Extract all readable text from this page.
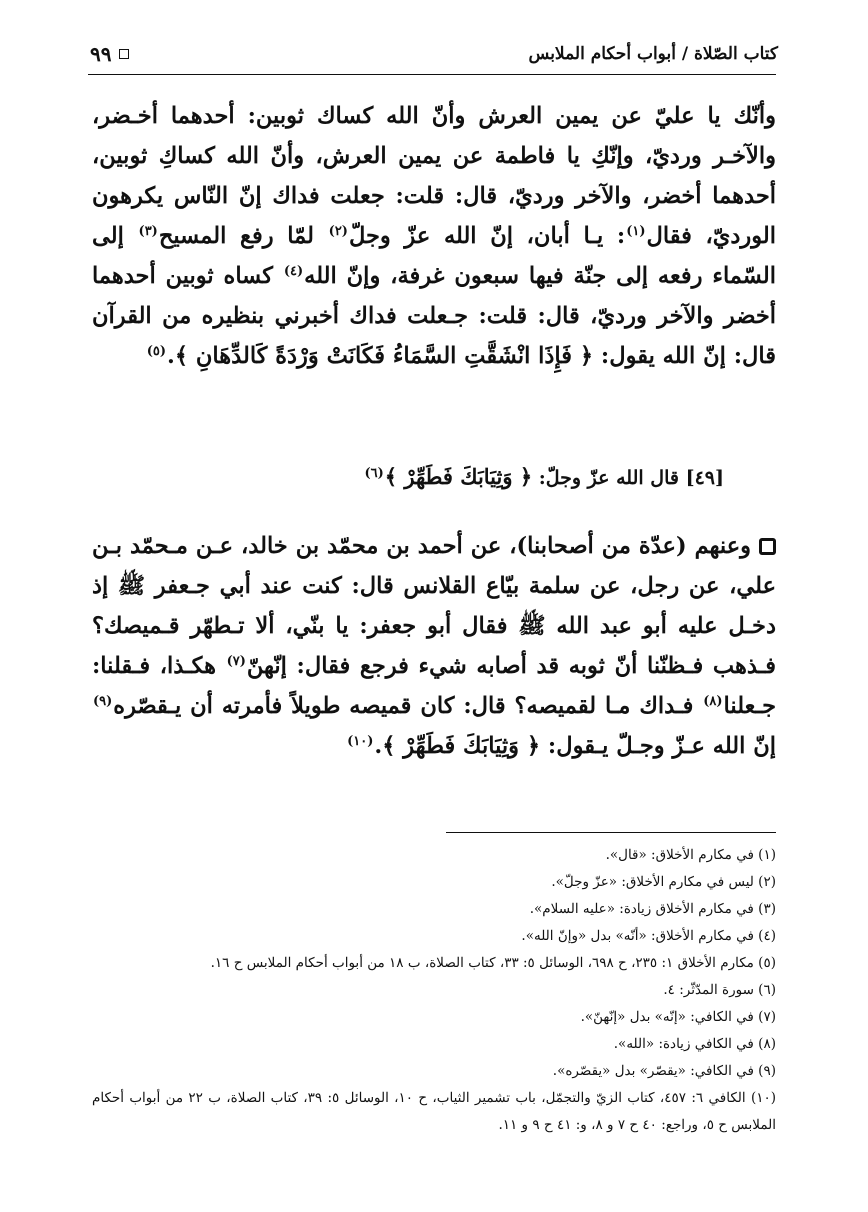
كتاب الصّلاة / أبواب أحكام الملابس
٩٩
وأنّك يا عليّ عن يمين العرش وأنّ الله كساك ثوبين: أحدهما أخـضر، والآخـر ورديّ، وإنّكِ يا فاطمة عن يمين العرش، وأنّ الله كساكِ ثوبين، أحدهما أخضر، والآخر ورديّ، قال: قلت: جعلت فداك إنّ النّاس يكرهون الورديّ، فقال$^{(١)}$: يـا أبان، إنّ الله عزّ وجلّ$^{(٢)}$ لمّا رفع المسيح$^{(٣)}$ إلى السّماء رفعه إلى جنّة فيها سبعون غرفة، وإنّ الله$^{(٤)}$ كساه ثوبين أحدهما أخضر والآخر ورديّ، قال: قلت: جـعلت فداك أخبرني بنظيره من القرآن قال: إنّ الله يقول: ﴿ فَإِذَا انْشَقَّتِ السَّمَاءُ فَكَانَتْ وَرْدَةً كَالدِّهَانِ ﴾.$^{(٥)}$
[٤٩] قال الله عزّ وجلّ: ﴿ وَثِيَابَكَ فَطَهِّرْ ﴾$^{(٦)}$
وعنهم (عدّة من أصحابنا)، عن أحمد بن محمّد بن خالد، عـن مـحمّد بـن علي، عن رجل، عن سلمة بيّاع القلانس قال: كنت عند أبي جـعفر ﷺ إذ دخـل عليه أبو عبد الله ﷺ فقال أبو جعفر: يا بنّي، ألا تـطهّر قـميصك؟ فـذهب فـظنّنا أنّ ثوبه قد أصابه شيء فرجع فقال: إنّهنّ$^{(٧)}$ هكـذا، فـقلنا: جـعلنا$^{(٨)}$ فـداك مـا لقميصه؟ قال: كان قميصه طويلاً فأمرته أن يـقصّره$^{(٩)}$ إنّ الله عـزّ وجـلّ يـقول: ﴿ وَثِيَابَكَ فَطَهِّرْ ﴾.$^{(١٠)}$

(١) في مكارم الأخلاق: «قال».

(٢) ليس في مكارم الأخلاق: «عزّ وجلّ».

(٣) في مكارم الأخلاق زيادة: «عليه السلام».

(٤) في مكارم الأخلاق: «أنّه» بدل «وإنّ الله».

(٥) مكارم الأخلاق ١: ٢٣٥، ح ٦٩٨، الوسائل ٥: ٣٣، كتاب الصلاة، ب ١٨ من أبواب أحكام الملابس ح ١٦.

(٦) سورة المدّثّر: ٤.

(٧) في الكافي: «إنّه» بدل «إنّهنّ».

(٨) في الكافي زيادة: «الله».

(٩) في الكافي: «يقصّر» بدل «يقصّره».

(١٠) الكافي ٦: ٤٥٧، كتاب الزيّ والتجمّل، باب تشمير الثياب، ح ١٠، الوسائل ٥: ٣٩، كتاب الصلاة، ب ٢٢ من أبواب أحكام الملابس ح ٥، وراجع: ٤٠ ح ٧ و ٨، و: ٤١ ح ٩ و ١١.
